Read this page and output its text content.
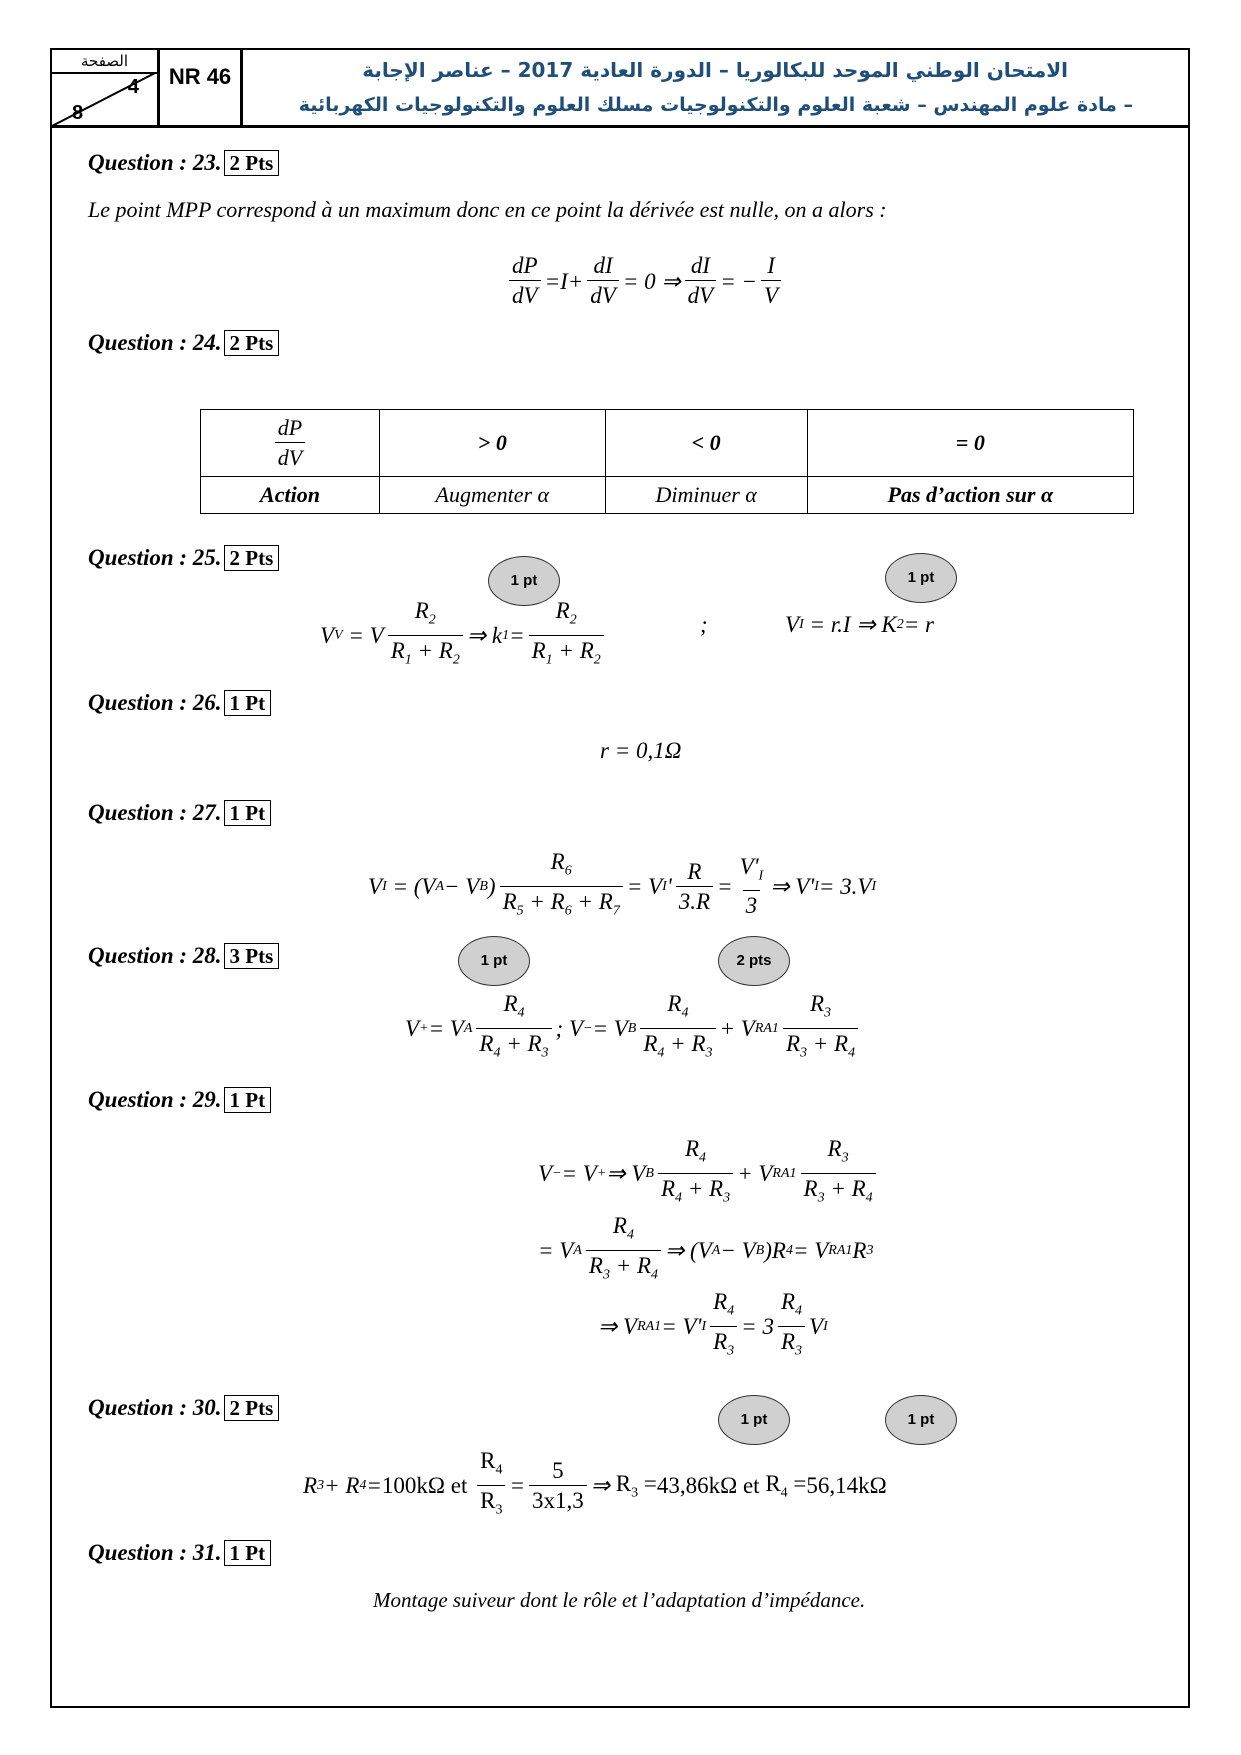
الصفحة
4
8
NR 46	الامتحان الوطني الموحد للبكالوريا – الدورة العادية 2017 – عناصر الإجابة
– مادة علوم المهندس – شعبة العلوم والتكنولوجيات مسلك العلوم والتكنولوجيات الكهربائية
Question : 23. 2 Pts
Le point MPP correspond à un maximum donc en ce point la dérivée est nulle, on a alors :
$\frac{dP}{dV} = I + \frac{dI}{dV} = 0$ ⇒ $\frac{dI}{dV}$ = − $\frac{I}{V}$
Question : 24. 2 Pts
$\frac{dP}{dV}$	> 0	< 0	= 0
Action	Augmenter α	Diminuer α	Pas d’action sur α
Question : 25. 2 Pts
1 pt	1 pt
V V = V $\frac{R_2}{R_1 + R_2}$ ⇒ k $1 = \frac{R_2}{R_1 + R_2}$	;	V I = r.I ⇒ K 2 = r
Question : 26. 1 Pt
r = 0,1Ω
Question : 27. 1 Pt
V I = (V A − V B ) $\frac{R_6}{R_5 + R_6 + R_7} = V$ I ' $\frac{R}{3.R} = \frac{V'_I}{3}$ ⇒ V' I = 3.V I
Question : 28. 3 Pts	1 pt	2 pts
V + = V A $\frac{R_4}{R_4 + R_3}$ ; V − = V B $\frac{R_4}{R_4 + R_3} + V$ $RA1 \frac{R_3}{R_3 + R_4}$
Question : 29. 1 Pt
V − = V + ⇒ V B $\frac{R_4}{R_4 + R_3} + V$ $RA1 \frac{R_3}{R_3 + R_4}$
= V A $\frac{R_4}{R_3 + R_4}$ ⇒ (V A − V B )R 4 = V RA1 R 3
⇒ V RA1 = V' I $\frac{R_4}{R_3} = 3 \frac{R_4}{R_3}$ V I
Question : 30. 2 Pts	1 pt	1 pt
R 3 + R 4 = 100kΩ
et
$\frac{R_4}{R_3} = \frac{5}{3x1,3}$ ⇒ $R_3 = 43,86k\Omega$
et
$R_4 = 56,14k\Omega$
Question : 31. 1 Pt
Montage suiveur dont le rôle et l’adaptation d’impédance.
